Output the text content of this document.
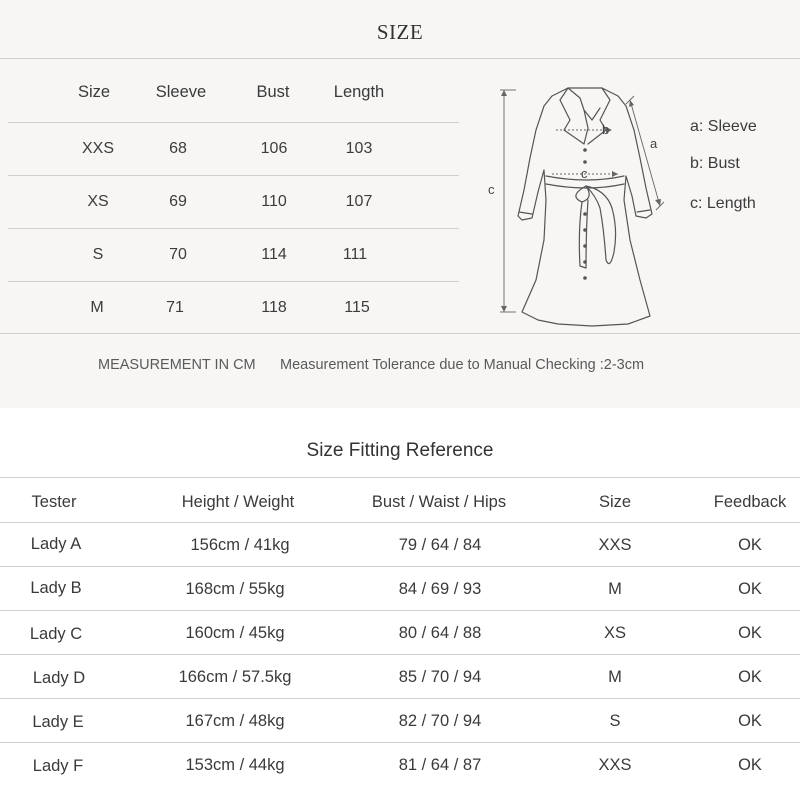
SIZE
Size	Sleeve	Bust	Length
XXS	68	106	103
XS	69	110	107
S	70	114	111
M	71	118	115
b
a
c
c
a: Sleeve
b: Bust
c: Length
MEASUREMENT IN CM Measurement Tolerance due to Manual Checking :2-3cm
Size Fitting Reference
Tester	Height / Weight	Bust / Waist / Hips	Size	Feedback
Lady A	156cm / 41kg	79 / 64 / 84	XXS	OK
Lady B	168cm / 55kg	84 / 69 / 93	M	OK
Lady C	160cm / 45kg	80 / 64 / 88	XS	OK
Lady D	166cm / 57.5kg	85 / 70 / 94	M	OK
Lady E	167cm / 48kg	82 / 70 / 94	S	OK
Lady F	153cm / 44kg	81 / 64 / 87	XXS	OK
